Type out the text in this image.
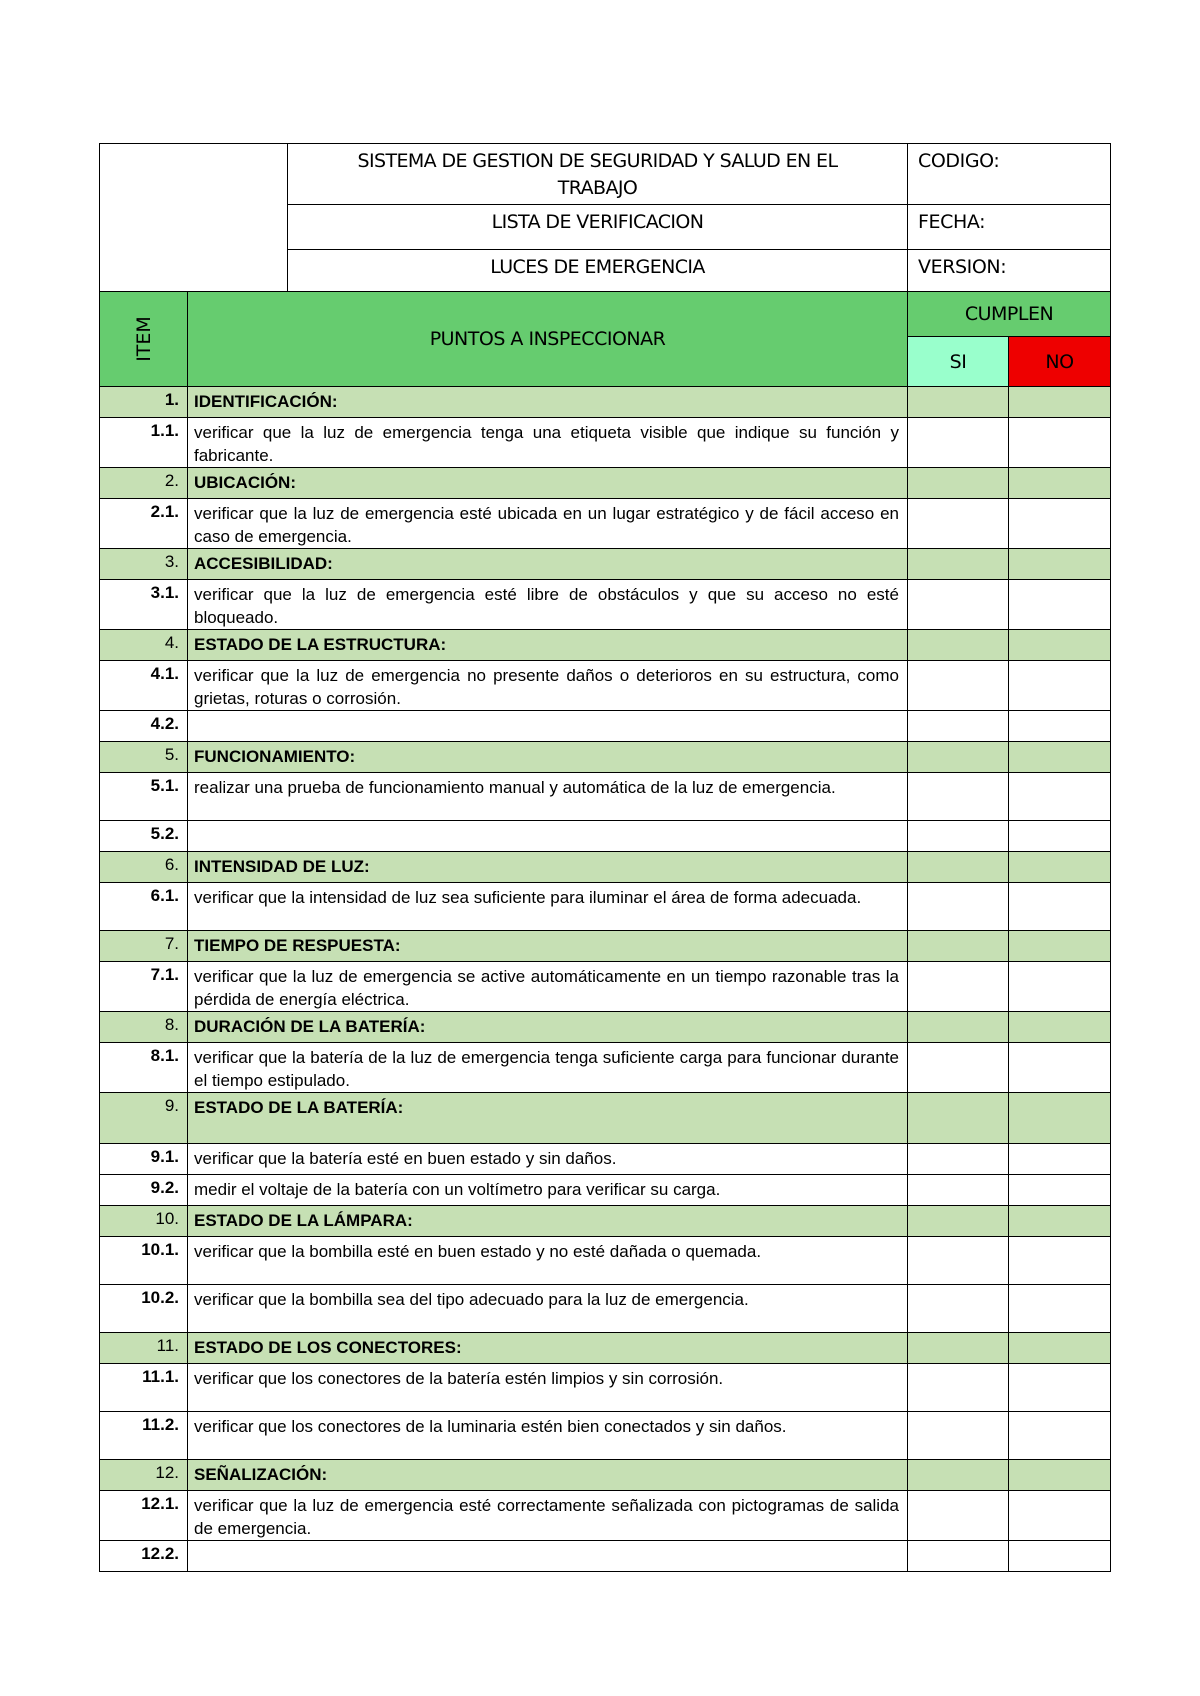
	SISTEMA DE GESTION DE SEGURIDAD Y SALUD EN EL TRABAJO	CODIGO:
	LISTA DE VERIFICACION	FECHA:
	LUCES DE EMERGENCIA	VERSION:
ITEM	PUNTOS A INSPECCIONAR	CUMPLEN	
		SI	NO
1.	IDENTIFICACIÓN:		
1.1.	verificar que la luz de emergencia tenga una etiqueta visible que indique su función y fabricante.		
2.	UBICACIÓN:		
2.1.	verificar que la luz de emergencia esté ubicada en un lugar estratégico y de fácil acceso en caso de emergencia.		
3.	ACCESIBILIDAD:		
3.1.	verificar que la luz de emergencia esté libre de obstáculos y que su acceso no esté bloqueado.		
4.	ESTADO DE LA ESTRUCTURA:		
4.1.	verificar que la luz de emergencia no presente daños o deterioros en su estructura, como grietas, roturas o corrosión.		
4.2.			
5.	FUNCIONAMIENTO:		
5.1.	realizar una prueba de funcionamiento manual y automática de la luz de emergencia.		
5.2.			
6.	INTENSIDAD DE LUZ:		
6.1.	verificar que la intensidad de luz sea suficiente para iluminar el área de forma adecuada.		
7.	TIEMPO DE RESPUESTA:		
7.1.	verificar que la luz de emergencia se active automáticamente en un tiempo razonable tras la pérdida de energía eléctrica.		
8.	DURACIÓN DE LA BATERÍA:		
8.1.	verificar que la batería de la luz de emergencia tenga suficiente carga para funcionar durante el tiempo estipulado.		
9.	ESTADO DE LA BATERÍA:		
9.1.	verificar que la batería esté en buen estado y sin daños.		
9.2.	medir el voltaje de la batería con un voltímetro para verificar su carga.		
10.	ESTADO DE LA LÁMPARA:		
10.1.	verificar que la bombilla esté en buen estado y no esté dañada o quemada.		
10.2.	verificar que la bombilla sea del tipo adecuado para la luz de emergencia.		
11.	ESTADO DE LOS CONECTORES:		
11.1.	verificar que los conectores de la batería estén limpios y sin corrosión.		
11.2.	verificar que los conectores de la luminaria estén bien conectados y sin daños.		
12.	SEÑALIZACIÓN:		
12.1.	verificar que la luz de emergencia esté correctamente señalizada con pictogramas de salida de emergencia.		
12.2.			
